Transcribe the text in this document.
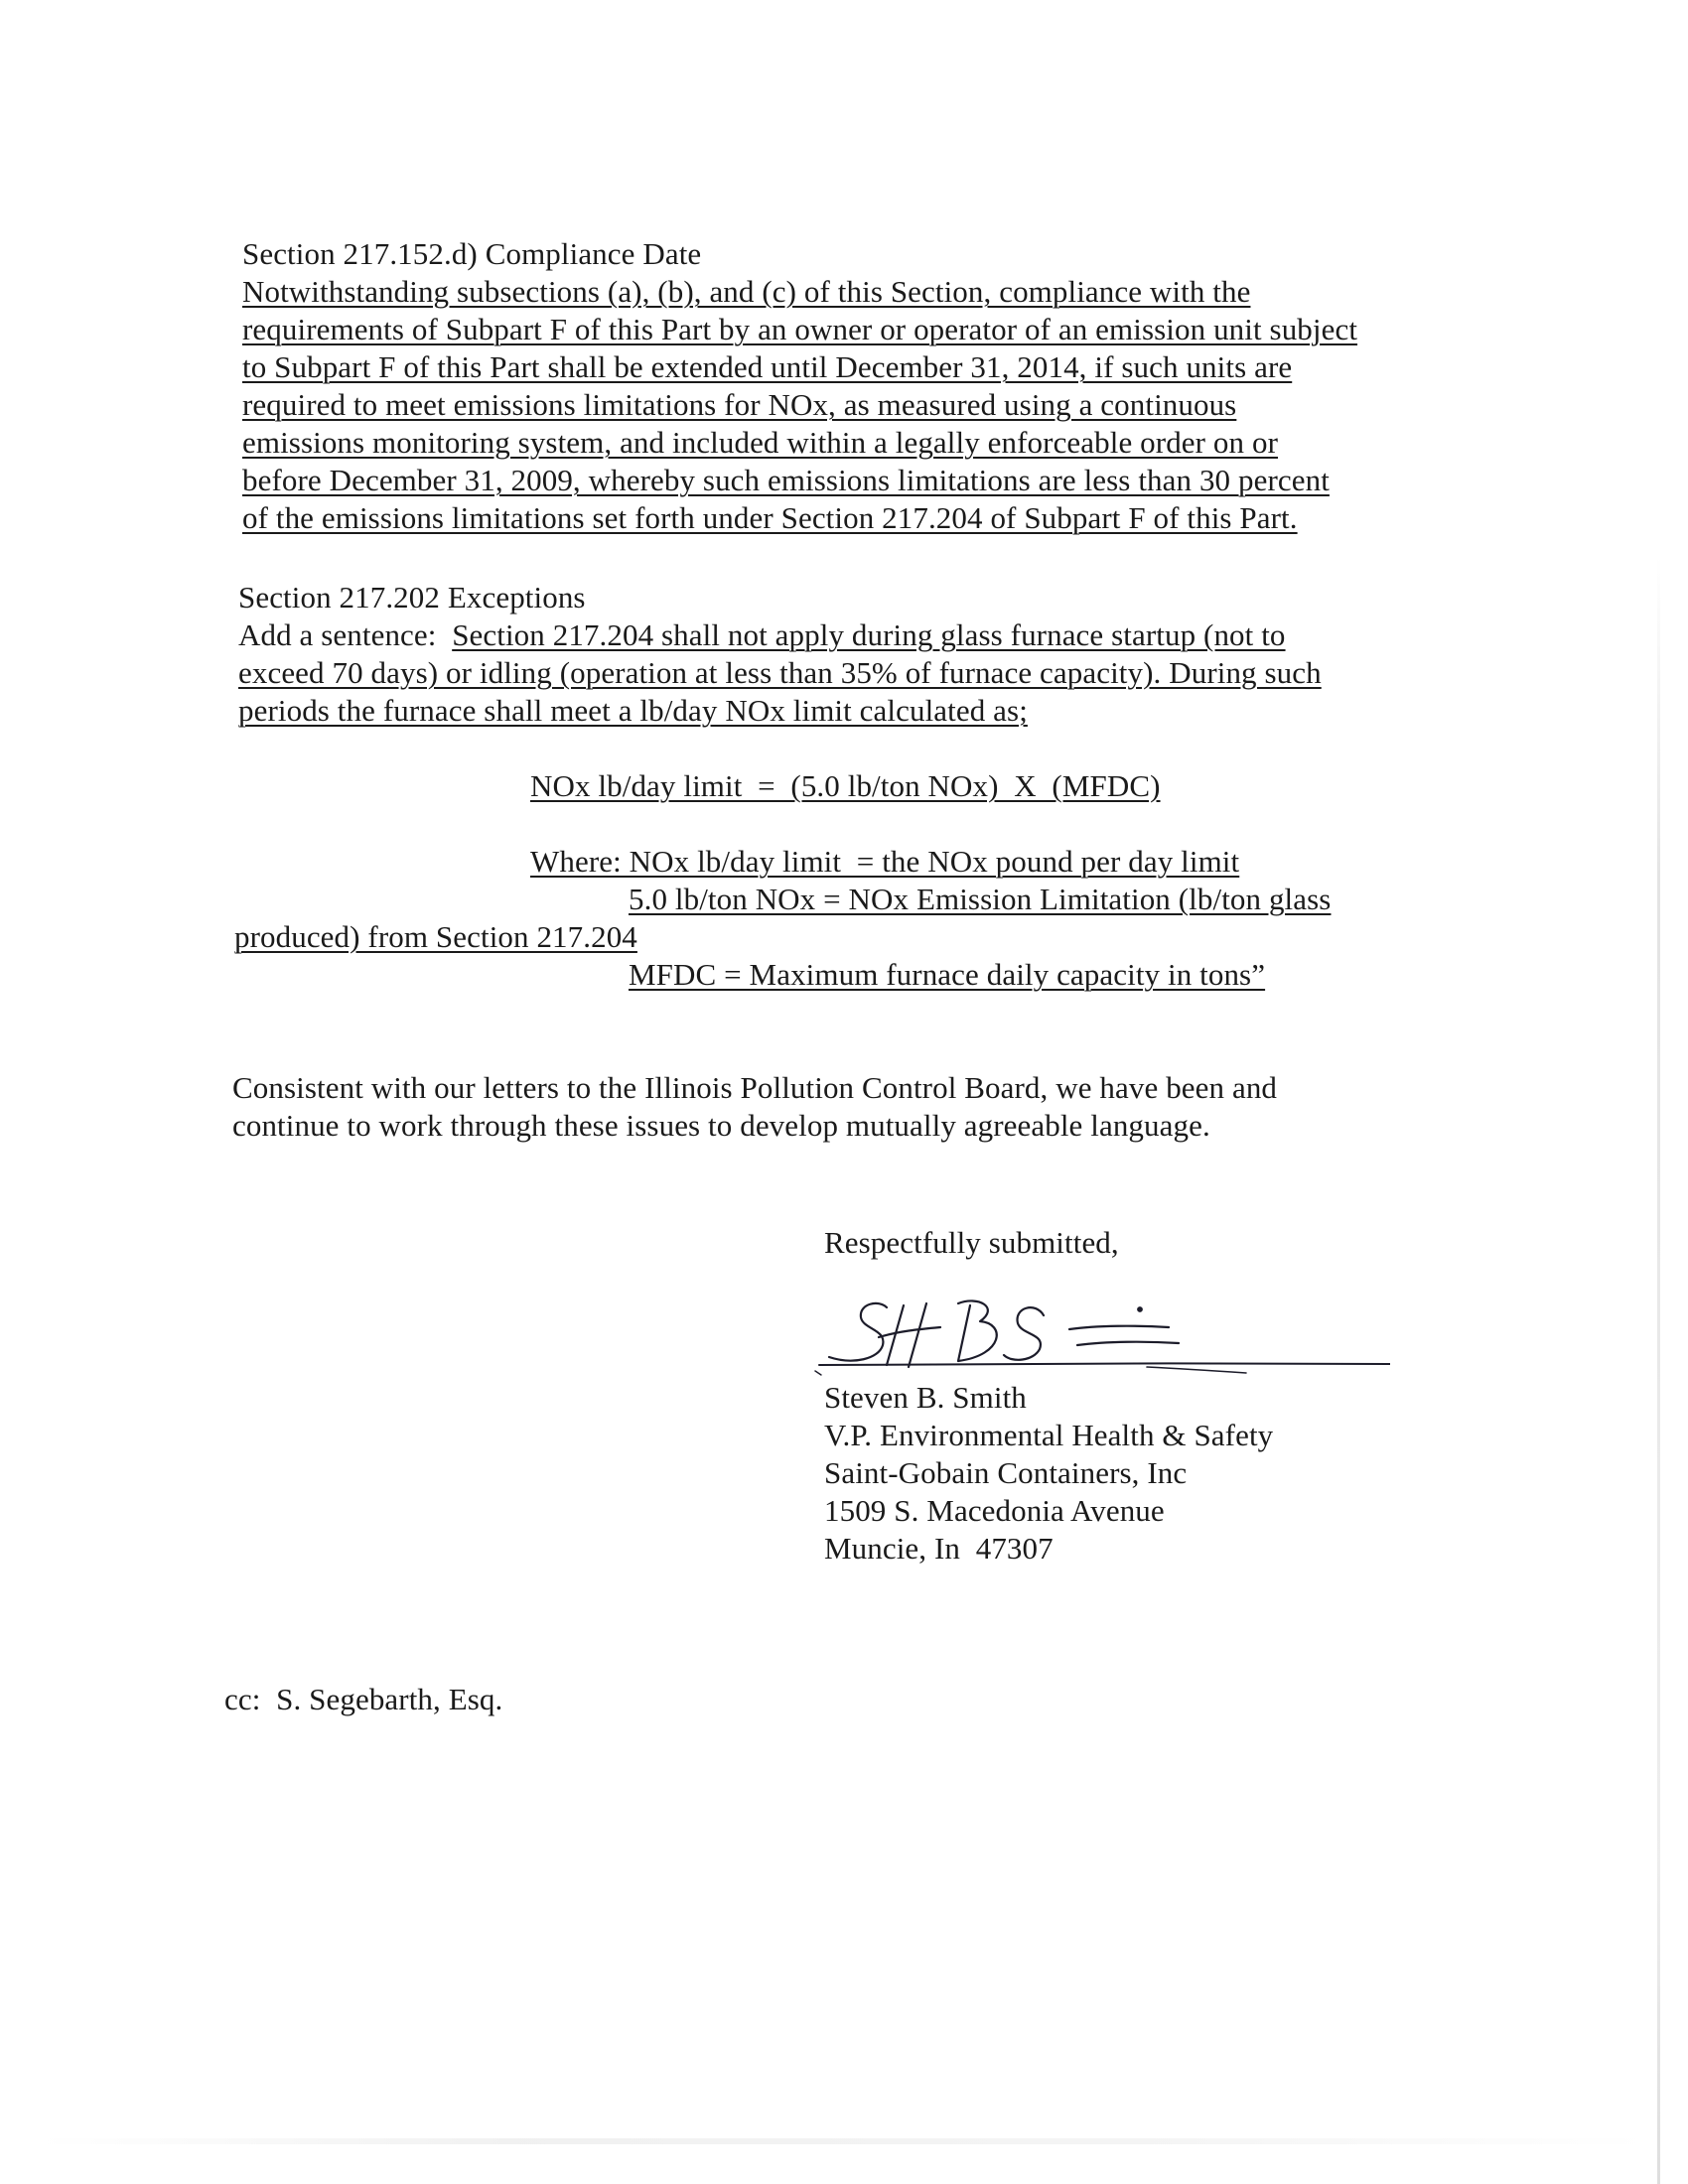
Section 217.152.d) Compliance Date
Notwithstanding subsections (a), (b), and (c) of this Section, compliance with the
requirements of Subpart F of this Part by an owner or operator of an emission unit subject
to Subpart F of this Part shall be extended until December 31, 2014, if such units are
required to meet emissions limitations for NOx, as measured using a continuous
emissions monitoring system, and included within a legally enforceable order on or
before December 31, 2009, whereby such emissions limitations are less than 30 percent
of the emissions limitations set forth under Section 217.204 of Subpart F of this Part.
Section 217.202 Exceptions
Add a sentence:  Section 217.204 shall not apply during glass furnace startup (not to
exceed 70 days) or idling (operation at less than 35% of furnace capacity). During such
periods the furnace shall meet a lb/day NOx limit calculated as;
NOx lb/day limit  =  (5.0 lb/ton NOx)  X  (MFDC)
Where: NOx lb/day limit  = the NOx pound per day limit
5.0 lb/ton NOx = NOx Emission Limitation (lb/ton glass
produced) from Section 217.204
MFDC = Maximum furnace daily capacity in tons”
Consistent with our letters to the Illinois Pollution Control Board, we have been and
continue to work through these issues to develop mutually agreeable language.
Respectfully submitted,
Steven B. Smith
V.P. Environmental Health & Safety
Saint-Gobain Containers, Inc
1509 S. Macedonia Avenue
Muncie, In  47307
cc:  S. Segebarth, Esq.
